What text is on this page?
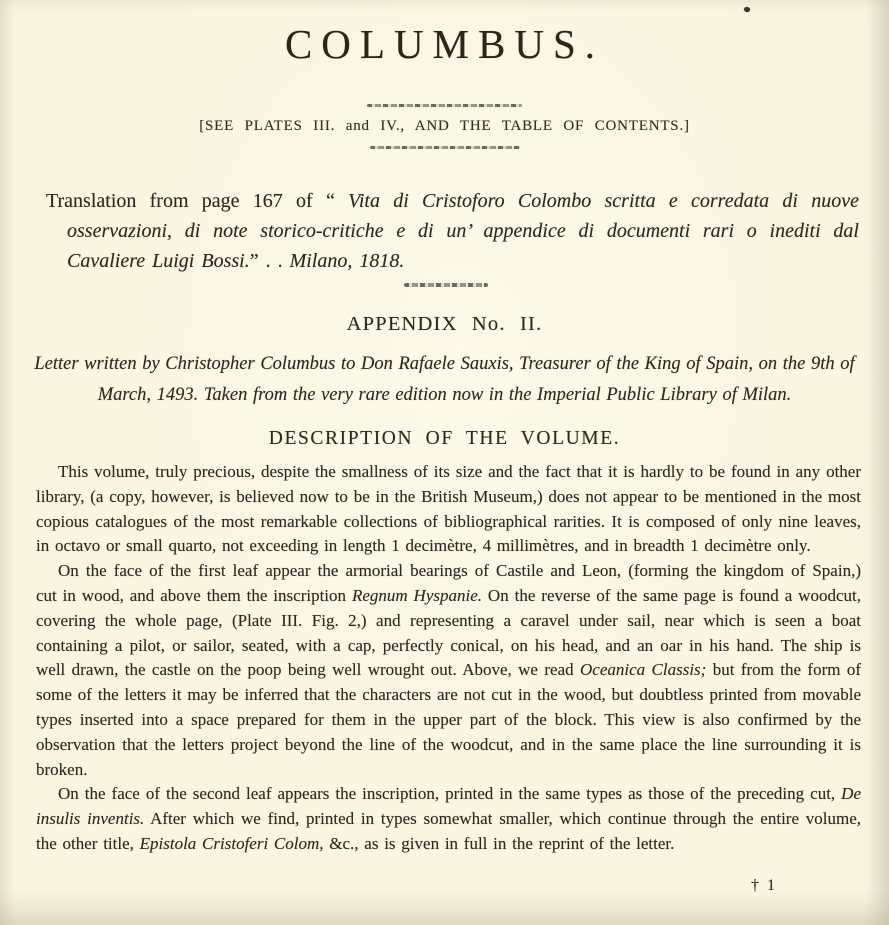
COLUMBUS.
[SEE PLATES III. and IV., AND THE TABLE OF CONTENTS.]

Translation from page 167 of “ Vita di Cristoforo Colombo scritta e corredata di nuove osservazioni, di note storico-critiche e di un’ appendice di documenti rari o inediti dal Cavaliere Luigi Bossi.” . . Milano, 1818.

APPENDIX No. II.

Letter written by Christopher Columbus to Don Rafaele Sauxis, Treasurer of the King of Spain, on the 9th of March, 1493. Taken from the very rare edition now in the Imperial Public Library of Milan.

DESCRIPTION OF THE VOLUME.

This volume, truly precious, despite the smallness of its size and the fact that it is hardly to be found in any other library, (a copy, however, is believed now to be in the British Museum,) does not appear to be mentioned in the most copious catalogues of the most remarkable collections of bibliographical rarities. It is composed of only nine leaves, in octavo or small quarto, not exceeding in length 1 decimètre, 4 millimètres, and in breadth 1 decimètre only.

On the face of the first leaf appear the armorial bearings of Castile and Leon, (forming the kingdom of Spain,) cut in wood, and above them the inscription Regnum Hyspanie. On the reverse of the same page is found a woodcut, covering the whole page, (Plate III. Fig. 2,) and representing a caravel under sail, near which is seen a boat containing a pilot, or sailor, seated, with a cap, perfectly conical, on his head, and an oar in his hand. The ship is well drawn, the castle on the poop being well wrought out. Above, we read Oceanica Classis; but from the form of some of the letters it may be inferred that the characters are not cut in the wood, but doubtless printed from movable types inserted into a space prepared for them in the upper part of the block. This view is also confirmed by the observation that the letters project beyond the line of the woodcut, and in the same place the line surrounding it is broken.

On the face of the second leaf appears the inscription, printed in the same types as those of the preceding cut, De insulis inventis. After which we find, printed in types somewhat smaller, which continue through the entire volume, the other title, Epistola Cristoferi Colom, &c., as is given in full in the reprint of the letter.

† 1
